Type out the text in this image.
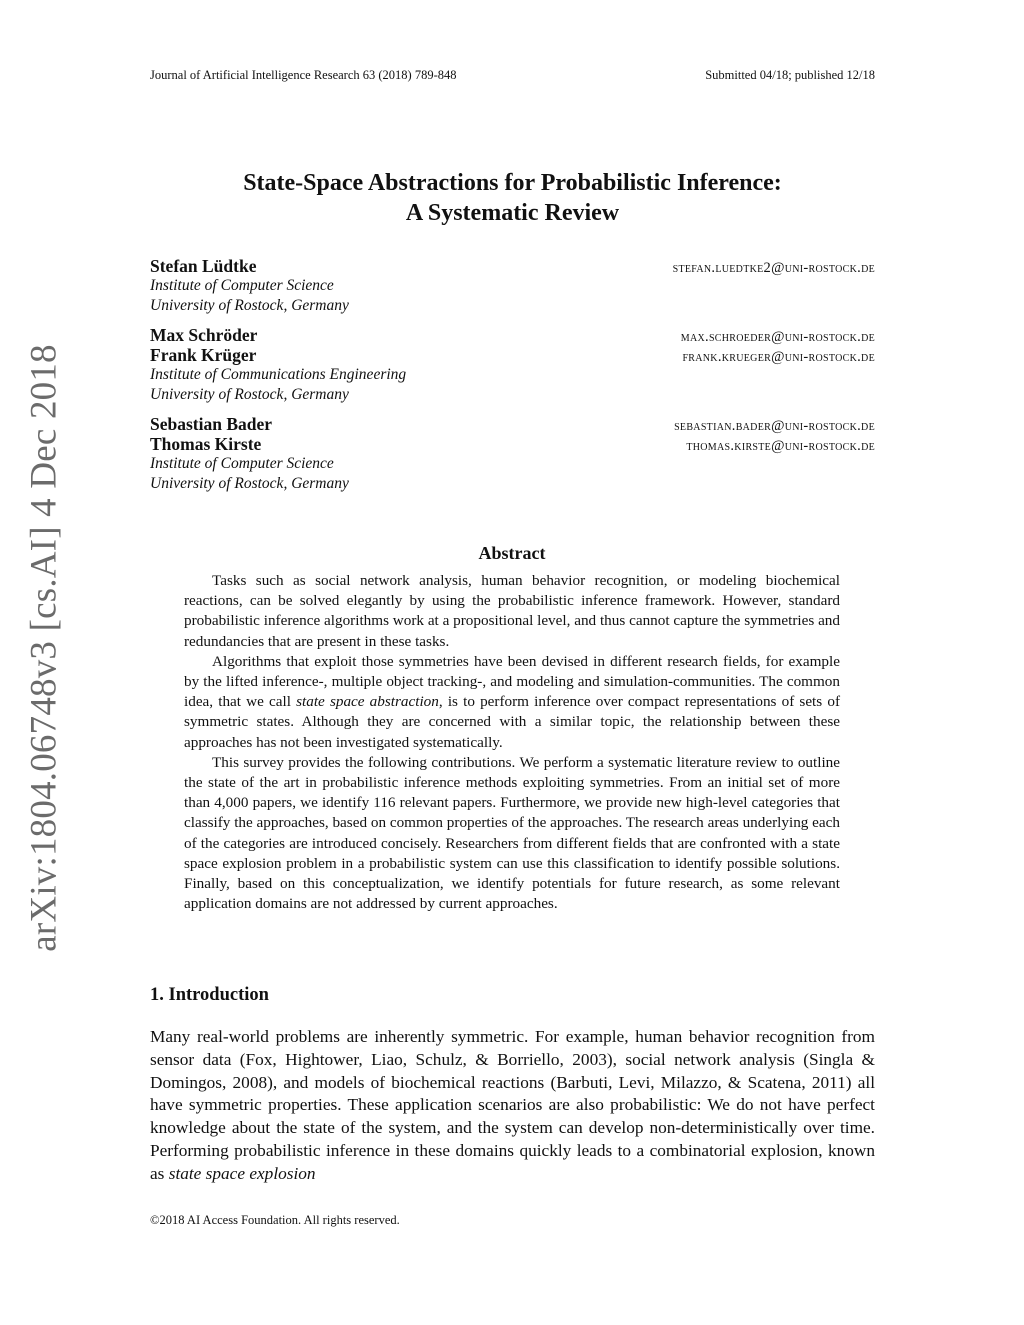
Journal of Artificial Intelligence Research 63 (2018) 789-848	Submitted 04/18; published 12/18
arXiv:1804.06748v3 [cs.AI] 4 Dec 2018
State-Space Abstractions for Probabilistic Inference:
A Systematic Review
Stefan Lüdtke	stefan.luedtke2@uni-rostock.de
Institute of Computer Science
University of Rostock, Germany
Max Schröder	max.schroeder@uni-rostock.de
Frank Krüger	frank.krueger@uni-rostock.de
Institute of Communications Engineering
University of Rostock, Germany
Sebastian Bader	sebastian.bader@uni-rostock.de
Thomas Kirste	thomas.kirste@uni-rostock.de
Institute of Computer Science
University of Rostock, Germany
Abstract

Tasks such as social network analysis, human behavior recognition, or modeling biochemical reactions, can be solved elegantly by using the probabilistic inference framework. However, standard probabilistic inference algorithms work at a propositional level, and thus cannot capture the symmetries and redundancies that are present in these tasks.

Algorithms that exploit those symmetries have been devised in different research fields, for example by the lifted inference-, multiple object tracking-, and modeling and simulation-communities. The common idea, that we call state space abstraction, is to perform inference over compact representations of sets of symmetric states. Although they are concerned with a similar topic, the relationship between these approaches has not been investigated systematically.

This survey provides the following contributions. We perform a systematic literature review to outline the state of the art in probabilistic inference methods exploiting symmetries. From an initial set of more than 4,000 papers, we identify 116 relevant papers. Furthermore, we provide new high-level categories that classify the approaches, based on common properties of the approaches. The research areas underlying each of the categories are introduced concisely. Researchers from different fields that are confronted with a state space explosion problem in a probabilistic system can use this classification to identify possible solutions. Finally, based on this conceptualization, we identify potentials for future research, as some relevant application domains are not addressed by current approaches.

1. Introduction

Many real-world problems are inherently symmetric. For example, human behavior recognition from sensor data (Fox, Hightower, Liao, Schulz, & Borriello, 2003), social network analysis (Singla & Domingos, 2008), and models of biochemical reactions (Barbuti, Levi, Milazzo, & Scatena, 2011) all have symmetric properties. These application scenarios are also probabilistic: We do not have perfect knowledge about the state of the system, and the system can develop non-deterministically over time. Performing probabilistic inference in these domains quickly leads to a combinatorial explosion, known as state space explosion

©2018 AI Access Foundation. All rights reserved.
